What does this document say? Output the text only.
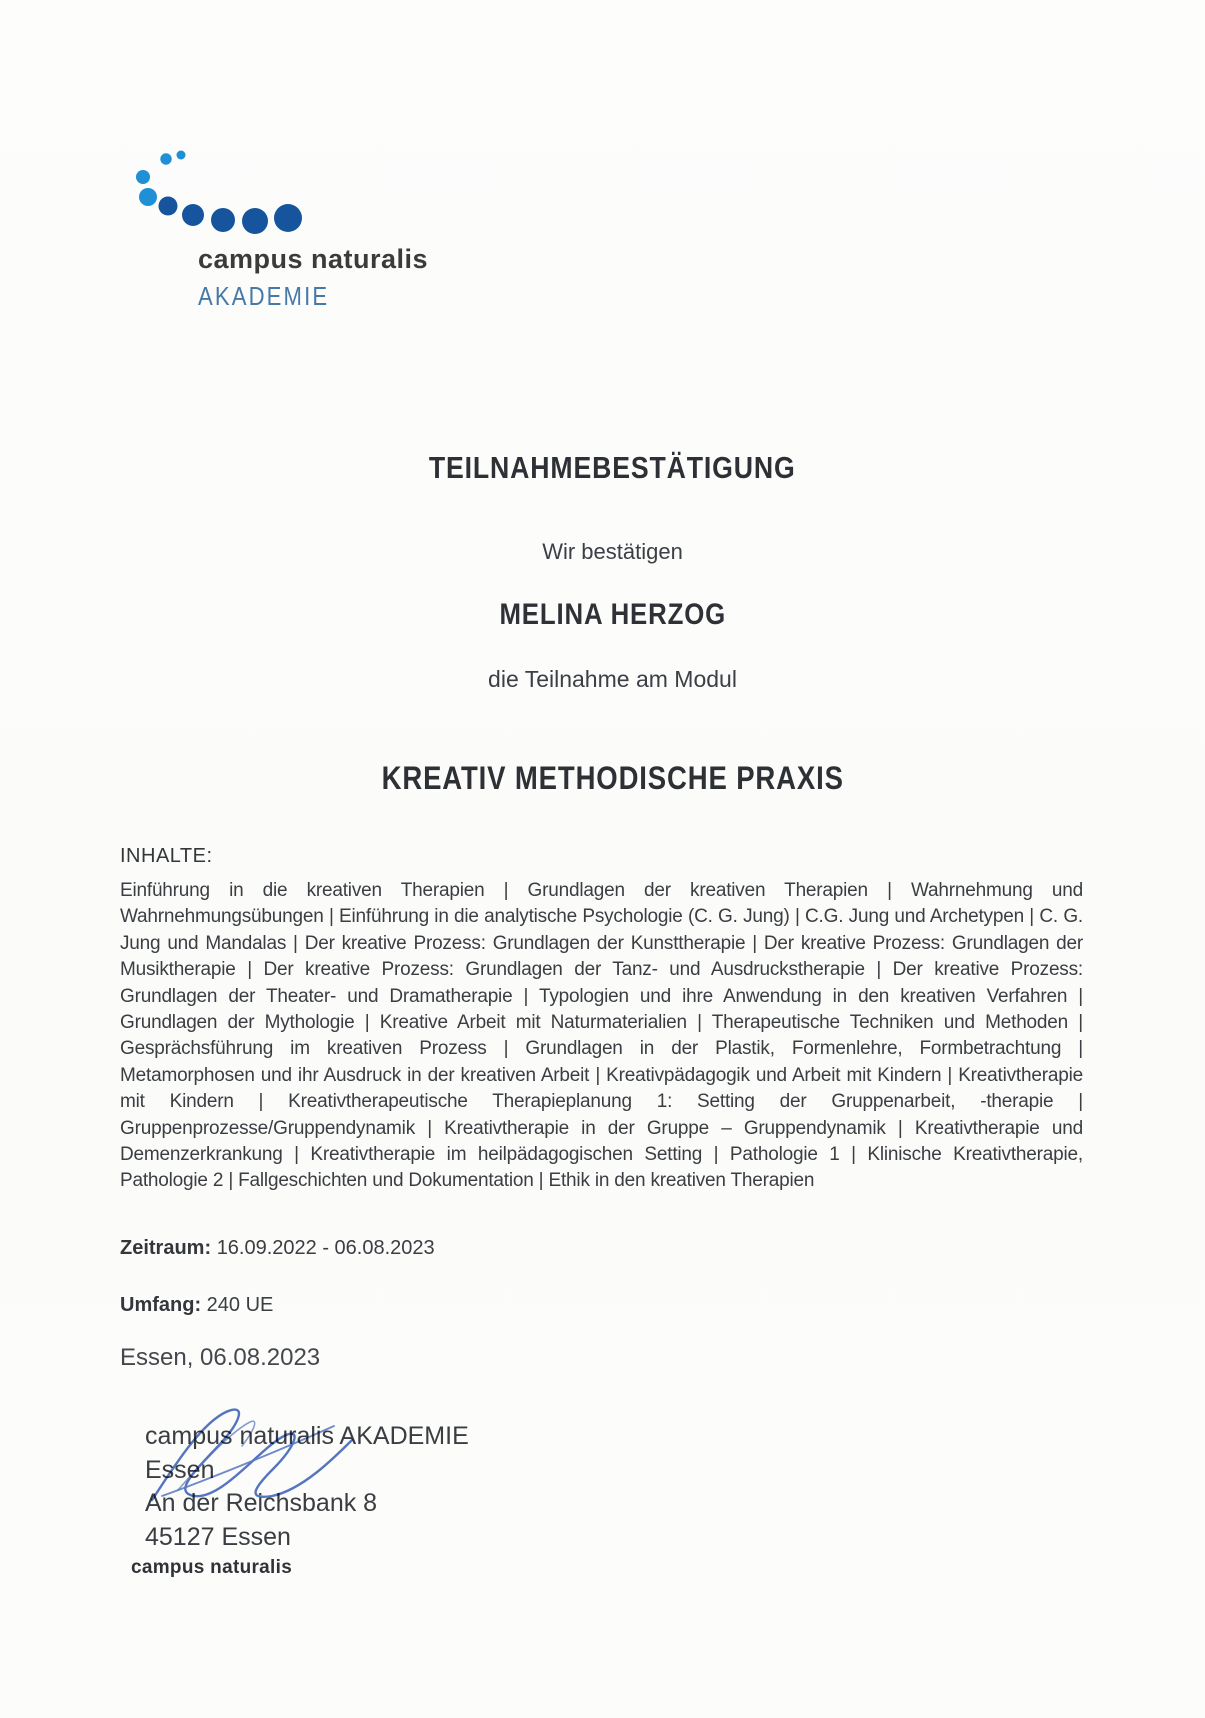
campus naturalis
AKADEMIE
TEILNAHMEBESTÄTIGUNG
Wir bestätigen
MELINA HERZOG
die Teilnahme am Modul
KREATIV METHODISCHE PRAXIS
INHALTE:
Einführung in die kreativen Therapien | Grundlagen der kreativen Therapien | Wahrnehmung und Wahrnehmungsübungen | Einführung in die analytische Psychologie (C. G. Jung) | C.G. Jung und Archetypen | C. G. Jung und Mandalas | Der kreative Prozess: Grundlagen der Kunsttherapie | Der kreative Prozess: Grundlagen der Musiktherapie | Der kreative Prozess: Grundlagen der Tanz- und Ausdruckstherapie | Der kreative Prozess: Grundlagen der Theater- und Dramatherapie | Typologien und ihre Anwendung in den kreativen Verfahren | Grundlagen der Mythologie | Kreative Arbeit mit Naturmaterialien | Therapeutische Techniken und Methoden | Gesprächsführung im kreativen Prozess | Grundlagen in der Plastik, Formenlehre, Formbetrachtung | Metamorphosen und ihr Ausdruck in der kreativen Arbeit | Kreativpädagogik und Arbeit mit Kindern | Kreativtherapie mit Kindern | Kreativtherapeutische Therapieplanung 1: Setting der Gruppenarbeit, -therapie | Gruppenprozesse/Gruppendynamik | Kreativtherapie in der Gruppe – Gruppendynamik | Kreativtherapie und Demenzerkrankung | Kreativtherapie im heilpädagogischen Setting | Pathologie 1 | Klinische Kreativtherapie, Pathologie 2 | Fallgeschichten und Dokumentation | Ethik in den kreativen Therapien
Zeitraum: 16.09.2022 - 06.08.2023
Umfang: 240 UE
Essen, 06.08.2023
campus naturalis AKADEMIE
Essen
An der Reichsbank 8
45127 Essen
campus naturalis
